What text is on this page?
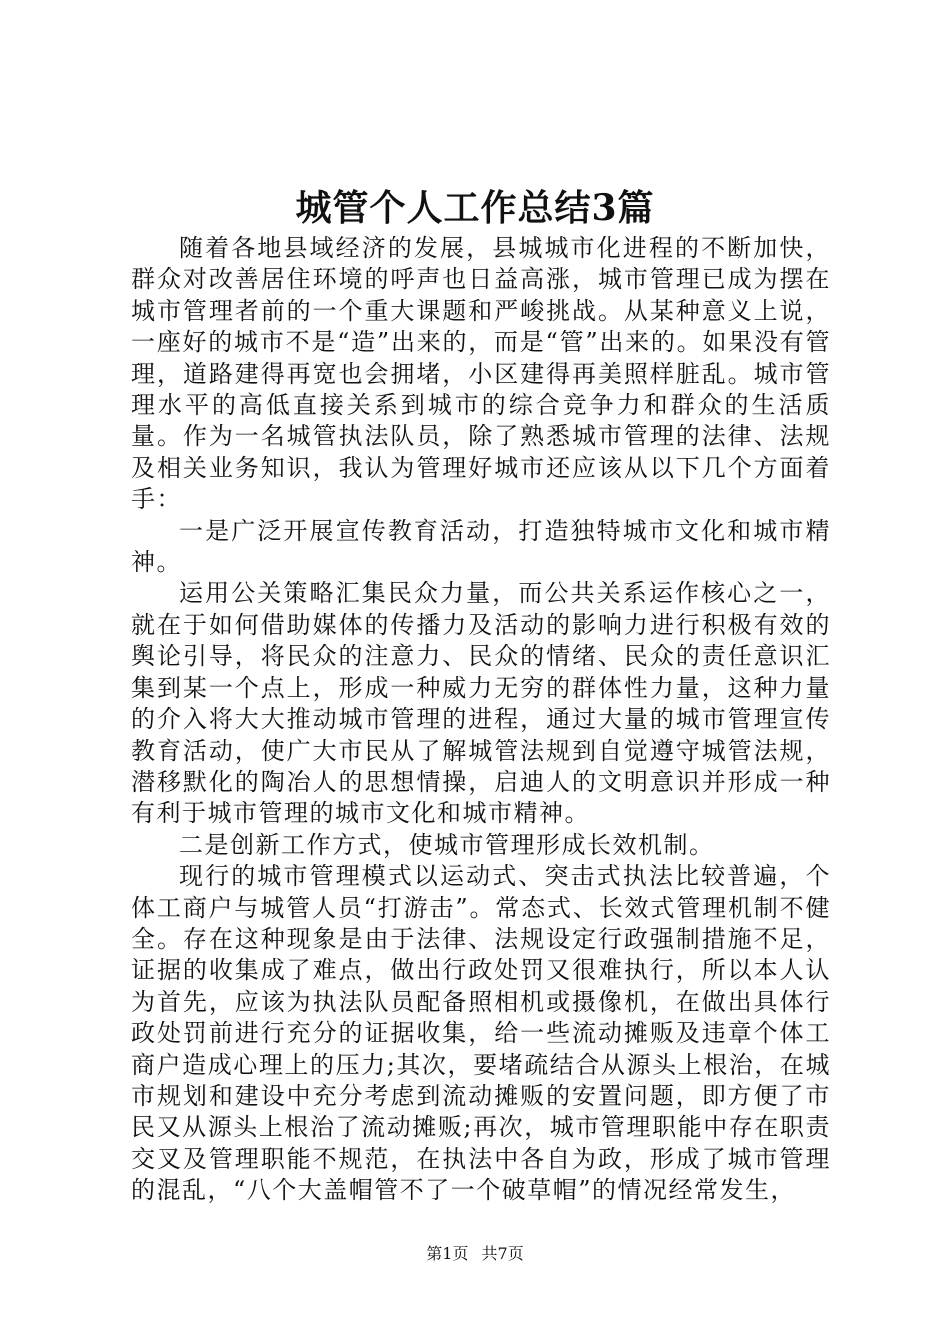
城管个人工作总结3篇

随着各地县域经济的发展，县城城市化进程的不断加快，群众对改善居住环境的呼声也日益高涨，城市管理已成为摆在城市管理者前的一个重大课题和严峻挑战。从某种意义上说，一座好的城市不是“造”出来的，而是“管”出来的。如果没有管理，道路建得再宽也会拥堵，小区建得再美照样脏乱。城市管理水平的高低直接关系到城市的综合竞争力和群众的生活质量。作为一名城管执法队员，除了熟悉城市管理的法律、法规及相关业务知识，我认为管理好城市还应该从以下几个方面着手：

一是广泛开展宣传教育活动，打造独特城市文化和城市精神。

运用公关策略汇集民众力量，而公共关系运作核心之一，就在于如何借助媒体的传播力及活动的影响力进行积极有效的舆论引导，将民众的注意力、民众的情绪、民众的责任意识汇集到某一个点上，形成一种威力无穷的群体性力量，这种力量的介入将大大推动城市管理的进程，通过大量的城市管理宣传教育活动，使广大市民从了解城管法规到自觉遵守城管法规，潜移默化的陶冶人的思想情操，启迪人的文明意识并形成一种有利于城市管理的城市文化和城市精神。

二是创新工作方式，使城市管理形成长效机制。

现行的城市管理模式以运动式、突击式执法比较普遍，个体工商户与城管人员“打游击”。常态式、长效式管理机制不健全。存在这种现象是由于法律、法规设定行政强制措施不足，证据的收集成了难点，做出行政处罚又很难执行，所以本人认为首先，应该为执法队员配备照相机或摄像机，在做出具体行政处罚前进行充分的证据收集，给一些流动摊贩及违章个体工商户造成心理上的压力;其次，要堵疏结合从源头上根治，在城市规划和建设中充分考虑到流动摊贩的安置问题，即方便了市民又从源头上根治了流动摊贩;再次，城市管理职能中存在职责交叉及管理职能不规范，在执法中各自为政，形成了城市管理的混乱，“八个大盖帽管不了一个破草帽”的情况经常发生，

第1页 共7页
